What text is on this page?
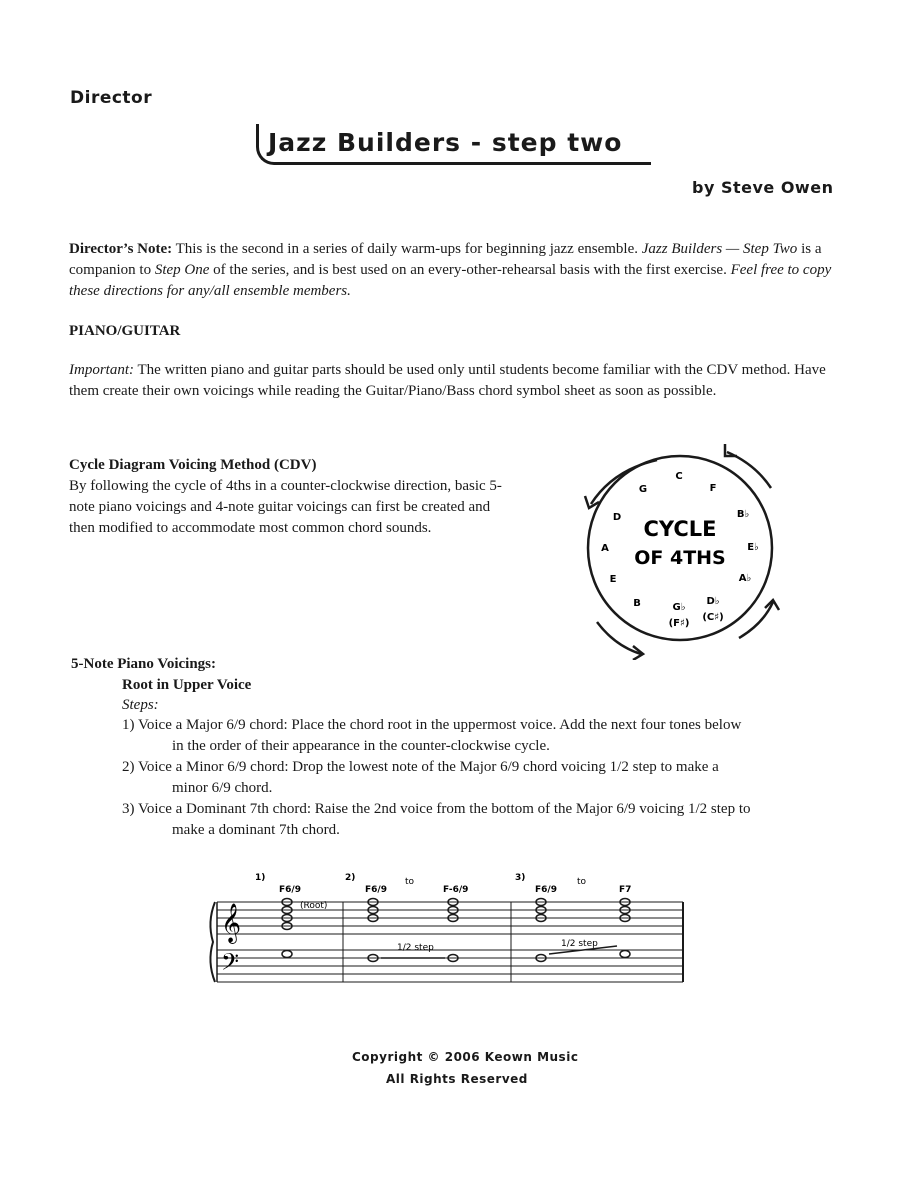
Director
Jazz Builders - step two
by Steve Owen
Director’s Note: This is the second in a series of daily warm-ups for beginning jazz ensemble. Jazz Builders — Step Two is a companion to Step One of the series, and is best used on an every-other-rehearsal basis with the first exercise. Feel free to copy these directions for any/all ensemble members.
PIANO/GUITAR
Important: The written piano and guitar parts should be used only until students become familiar with the CDV method. Have them create their own voicings while reading the Guitar/Piano/Bass chord symbol sheet as soon as possible.
Cycle Diagram Voicing Method (CDV)
By following the cycle of 4ths in a counter-clockwise direction, basic 5-note piano voicings and 4-note guitar voicings can first be created and then modified to accommodate most common chord sounds.	CYCLE
OF 4THS
C
F
B♭
E♭
A♭
D♭
(C♯)
G♭
(F♯)
B
E
A
D
G
5-Note Piano Voicings:
Root in Upper Voice
Steps:
1) Voice a Major 6/9 chord: Place the chord root in the uppermost voice. Add the next four tones below
in the order of their appearance in the counter-clockwise cycle.
2) Voice a Minor 6/9 chord: Drop the lowest note of the Major 6/9 chord voicing 1/2 step to make a
minor 6/9 chord.
3) Voice a Dominant 7th chord: Raise the 2nd voice from the bottom of the Major 6/9 voicing 1/2 step to
make a dominant 7th chord.
𝄞
𝄢
1)
F6/9
(Root)
2)
F6/9
to
F-6/9
1/2 step
3)
F6/9
to
F7
1/2 step
Copyright © 2006 Keown Music
All Rights Reserved
